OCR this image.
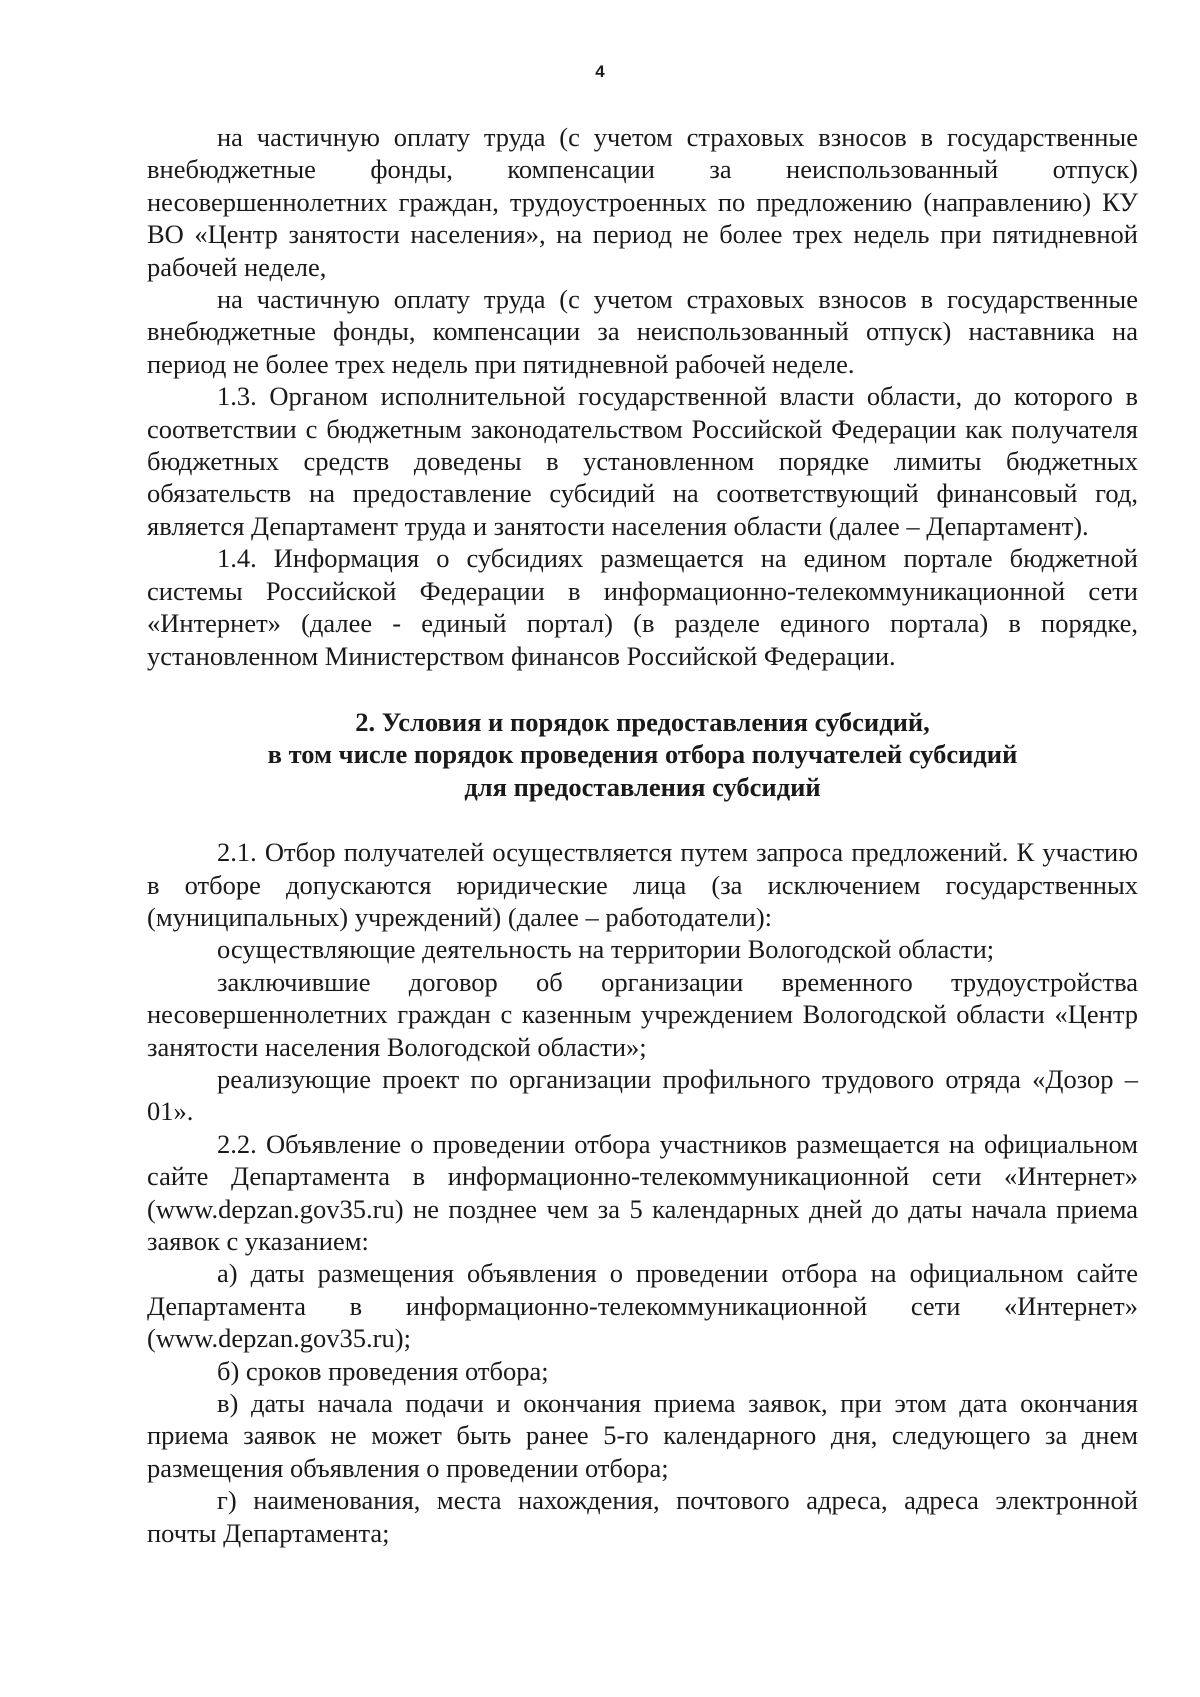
4

на частичную оплату труда (с учетом страховых взносов в государственные внебюджетные фонды, компенсации за неиспользованный отпуск) несовершеннолетних граждан, трудоустроенных по предложению (направлению) КУ ВО «Центр занятости населения», на период не более трех недель при пятидневной рабочей неделе,

на частичную оплату труда (с учетом страховых взносов в государственные внебюджетные фонды, компенсации за неиспользованный отпуск) наставника на период не более трех недель при пятидневной рабочей неделе.

1.3. Органом исполнительной государственной власти области, до которого в соответствии с бюджетным законодательством Российской Федерации как получателя бюджетных средств доведены в установленном порядке лимиты бюджетных обязательств на предоставление субсидий на соответствующий финансовый год, является Департамент труда и занятости населения области (далее – Департамент).

1.4. Информация о субсидиях размещается на едином портале бюджетной системы Российской Федерации в информационно-телекоммуникационной сети «Интернет» (далее - единый портал) (в разделе единого портала) в порядке, установленном Министерством финансов Российской Федерации.

2. Условия и порядок предоставления субсидий,
в том числе порядок проведения отбора получателей субсидий
для предоставления субсидий

2.1. Отбор получателей осуществляется путем запроса предложений. К участию в отборе допускаются юридические лица (за исключением государственных (муниципальных) учреждений) (далее – работодатели):

осуществляющие деятельность на территории Вологодской области;

заключившие договор об организации временного трудоустройства несовершеннолетних граждан с казенным учреждением Вологодской области «Центр занятости населения Вологодской области»;

реализующие проект по организации профильного трудового отряда «Дозор – 01».

2.2. Объявление о проведении отбора участников размещается на официальном сайте Департамента в информационно-телекоммуникационной сети «Интернет» (www.depzan.gov35.ru) не позднее чем за 5 календарных дней до даты начала приема заявок с указанием:

а) даты размещения объявления о проведении отбора на официальном сайте Департамента в информационно-телекоммуникационной сети «Интернет» (www.depzan.gov35.ru);

б) сроков проведения отбора;

в) даты начала подачи и окончания приема заявок, при этом дата окончания приема заявок не может быть ранее 5-го календарного дня, следующего за днем размещения объявления о проведении отбора;

г) наименования, места нахождения, почтового адреса, адреса электронной почты Департамента;
